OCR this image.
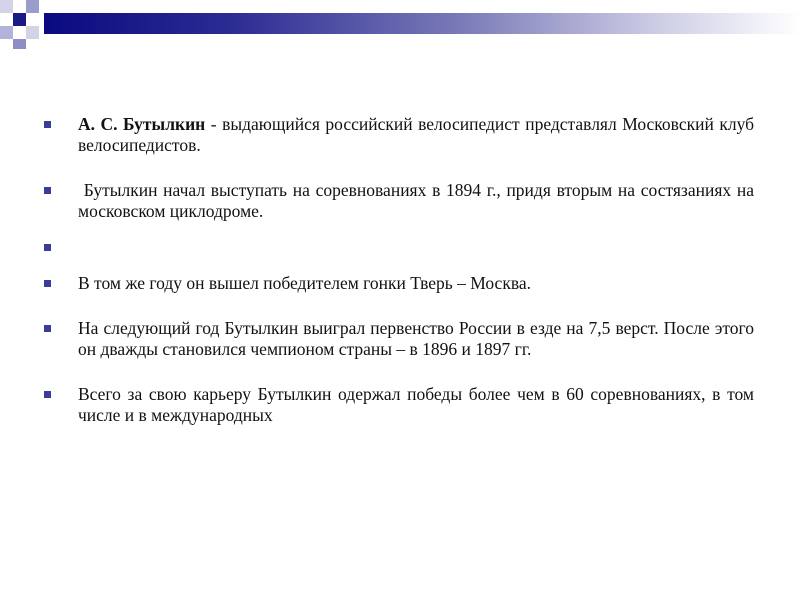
А. С. Бутылкин - выдающийся российский велосипедист представлял Московский клуб велосипедистов.
Бутылкин начал выступать на соревнованиях в 1894 г., придя вторым на состязаниях на московском циклодроме.
В том же году он вышел победителем гонки Тверь – Москва.
На следующий год Бутылкин выиграл первенство России в езде на 7,5 верст. После этого он дважды становился чемпионом страны – в 1896 и 1897 гг.
Всего за свою карьеру Бутылкин одержал победы более чем в 60 соревнованиях, в том числе и в международных
